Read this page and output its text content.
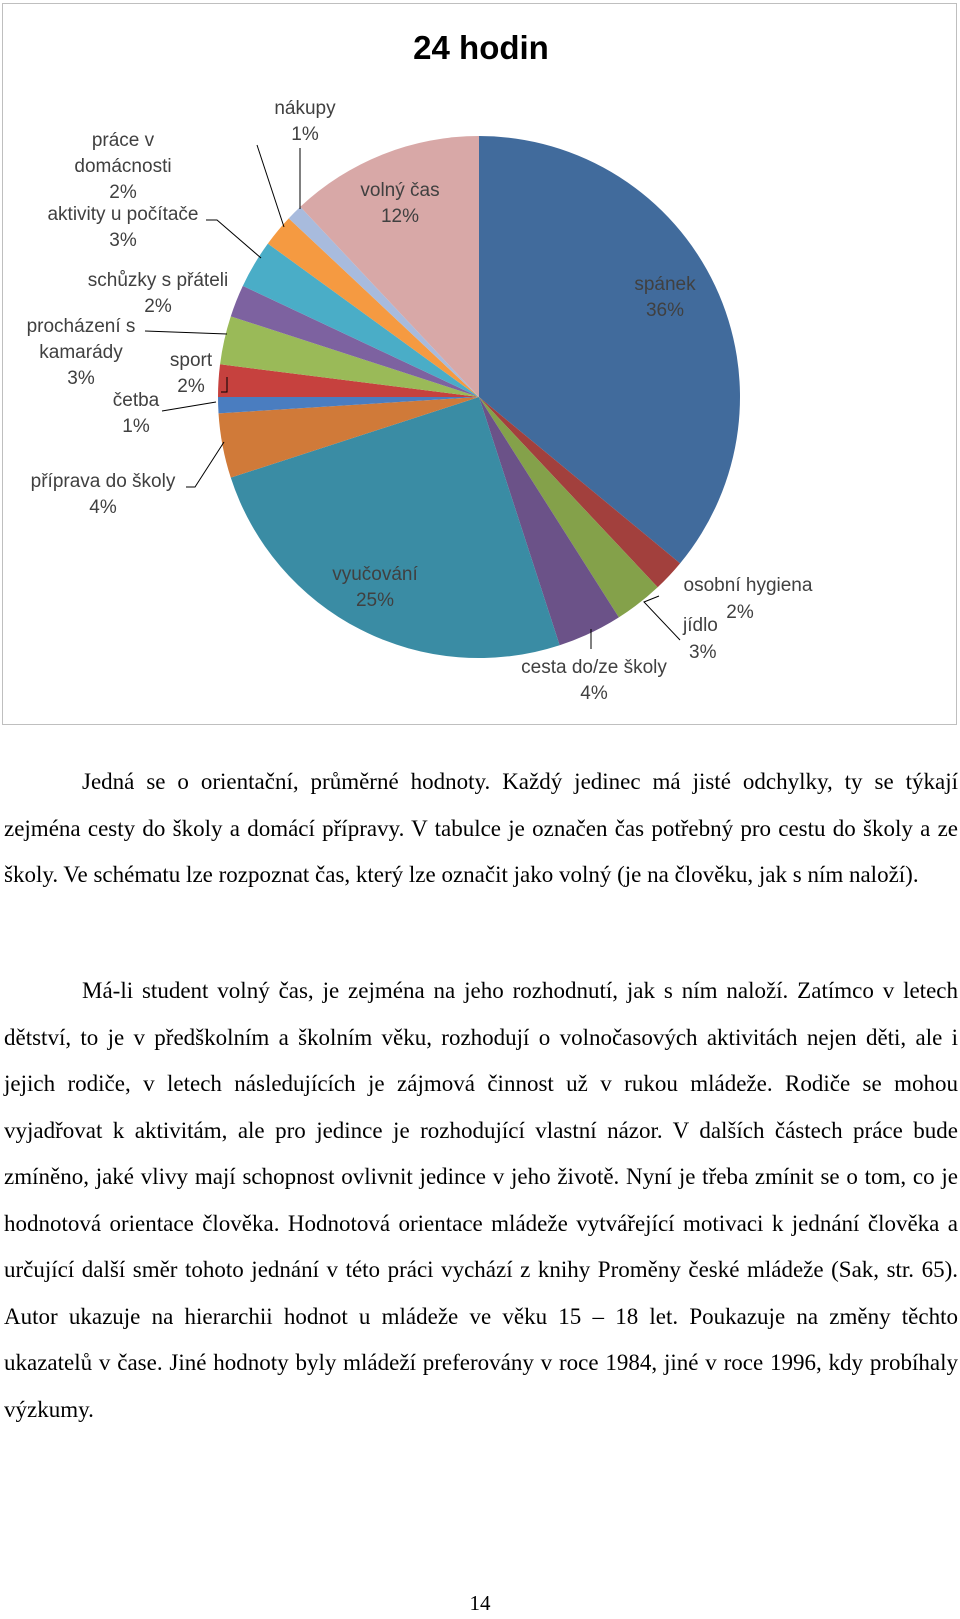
24 hodin
spánek 36%
osobní hygiena 2%
jídlo 3%
cesta do/ze školy 4%
vyučování 25%
příprava do školy 4%
četba 1%
sport 2%
procházení s kamarády 3%
schůzky s přáteli 2%
aktivity u počítače 3%
práce v domácnosti 2%
nákupy 1%
volný čas 12%

Jedná se o orientační, průměrné hodnoty. Každý jedinec má jisté odchylky, ty se týkají zejména cesty do školy a domácí přípravy. V tabulce je označen čas potřebný pro cestu do školy a ze školy. Ve schématu lze rozpoznat čas, který lze označit jako volný (je na člověku, jak s ním naloží).

Má-li student volný čas, je zejména na jeho rozhodnutí, jak s ním naloží. Zatímco v letech dětství, to je v předškolním a školním věku, rozhodují o volnočasových aktivitách nejen děti, ale i jejich rodiče, v letech následujících je zájmová činnost už v rukou mládeže. Rodiče se mohou vyjadřovat k aktivitám, ale pro jedince je rozhodující vlastní názor. V dalších částech práce bude zmíněno, jaké vlivy mají schopnost ovlivnit jedince v jeho životě. Nyní je třeba zmínit se o tom, co je hodnotová orientace člověka. Hodnotová orientace mládeže vytvářející motivaci k jednání člověka a určující další směr tohoto jednání v této práci vychází z knihy Proměny české mládeže (Sak, str. 65). Autor ukazuje na hierarchii hodnot u mládeže ve věku 15 – 18 let. Poukazuje na změny těchto ukazatelů v čase. Jiné hodnoty byly mládeží preferovány v roce 1984, jiné v roce 1996, kdy probíhaly výzkumy.

14
